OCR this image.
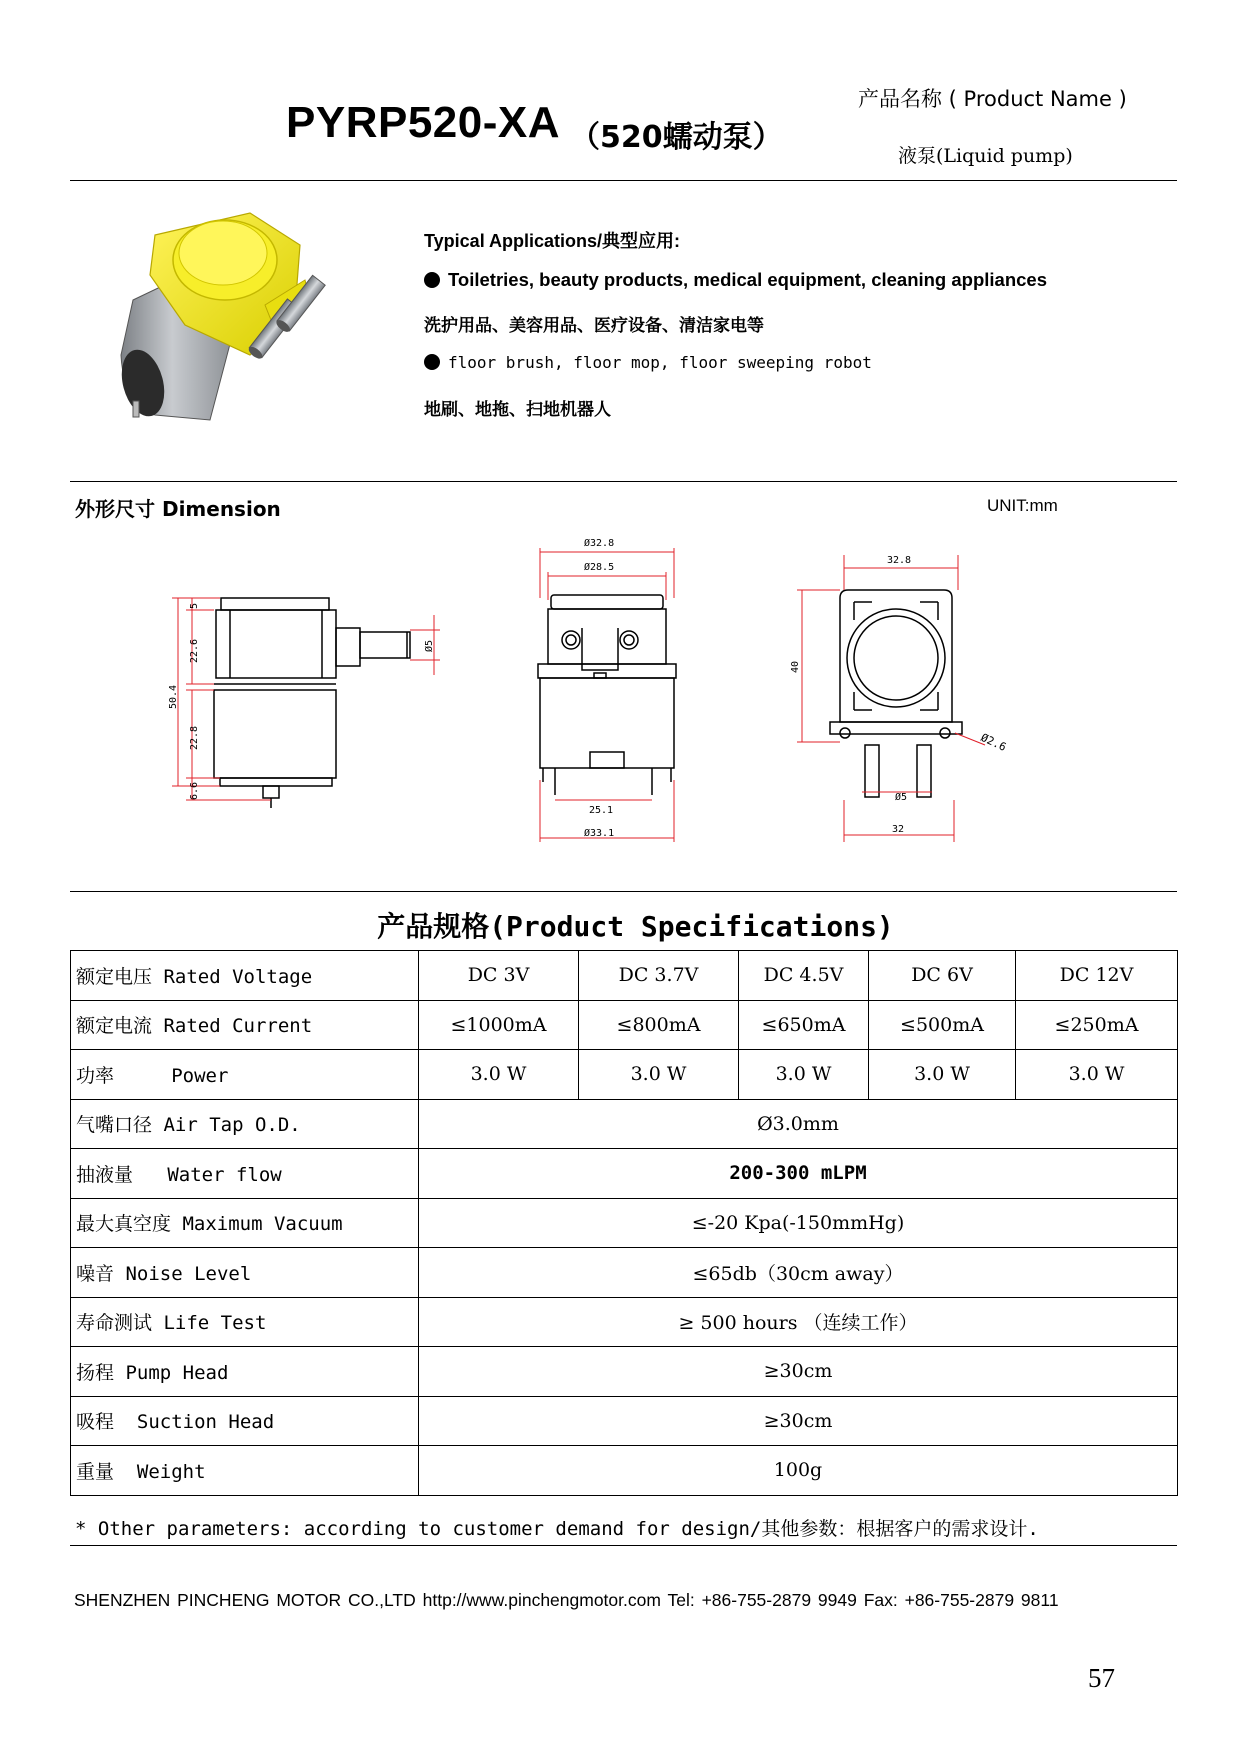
PYRP520-XA （520蠕动泵）
产品名称 ( Product Name )
液泵(Liquid pump)
Typical Applications/典型应用:
Toiletries, beauty products, medical equipment, cleaning appliances
洗护用品、美容用品、医疗设备、清洁家电等
floor brush, floor mop, floor sweeping robot
地刷、地拖、扫地机器人
外形尺寸 Dimension	UNIT:mm
5
22.6
50.4
22.8
6.6
Ø5
Ø32.8
Ø28.5
25.1
Ø33.1
32.8
40
Ø2.6
Ø5
32
产品规格(Product Specifications)
额定电压 Rated Voltage	DC 3V	DC 3.7V	DC 4.5V	DC 6V	DC 12V
额定电流 Rated Current	≤1000mA	≤800mA	≤650mA	≤500mA	≤250mA
功率     Power	3.0 W	3.0 W	3.0 W	3.0 W	3.0 W
气嘴口径 Air Tap O.D.	Ø3.0mm				
抽液量   Water flow	200-300 mLPM				
最大真空度 Maximum Vacuum	≤-20 Kpa(-150mmHg)				
噪音 Noise Level	≤65db（30cm away）				
寿命测试 Life Test	≥ 500 hours （连续工作）				
扬程 Pump Head	≥30cm				
吸程  Suction Head	≥30cm				
重量  Weight	100g				
* Other parameters: according to customer demand for design/其他参数：根据客户的需求设计.
SHENZHEN PINCHENG MOTOR CO.,LTD http://www.pinchengmotor.com Tel: +86-755-2879 9949 Fax: +86-755-2879 9811
57
